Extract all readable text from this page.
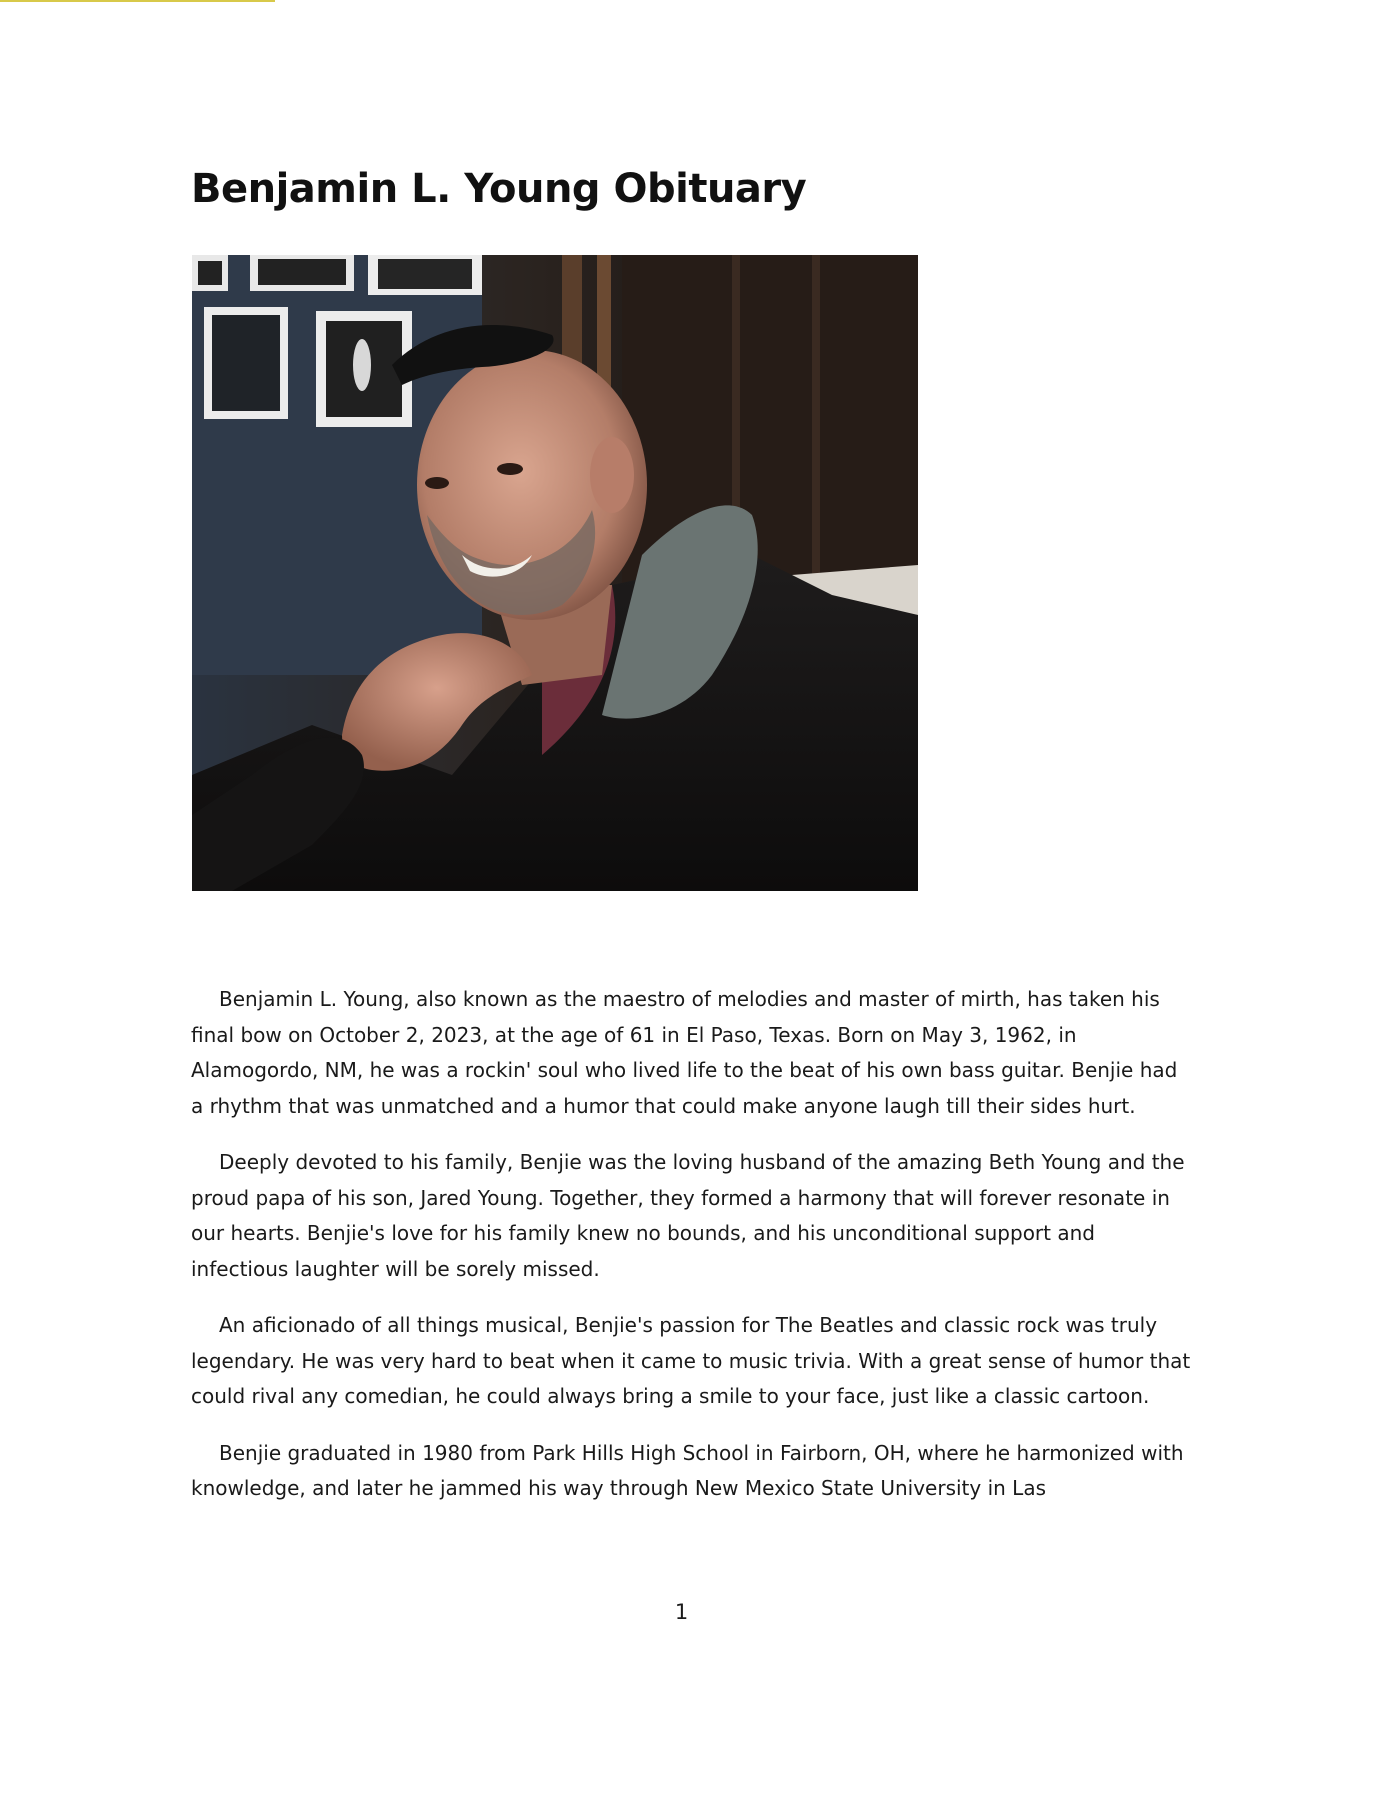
Benjamin L. Young Obituary

Benjamin L. Young, also known as the maestro of melodies and master of mirth, has taken his final bow on October 2, 2023, at the age of 61 in El Paso, Texas. Born on May 3, 1962, in Alamogordo, NM, he was a rockin' soul who lived life to the beat of his own bass guitar. Benjie had a rhythm that was unmatched and a humor that could make anyone laugh till their sides hurt.

Deeply devoted to his family, Benjie was the loving husband of the amazing Beth Young and the proud papa of his son, Jared Young. Together, they formed a harmony that will forever resonate in our hearts. Benjie's love for his family knew no bounds, and his unconditional support and infectious laughter will be sorely missed.

An aficionado of all things musical, Benjie's passion for The Beatles and classic rock was truly legendary. He was very hard to beat when it came to music trivia. With a great sense of humor that could rival any comedian, he could always bring a smile to your face, just like a classic cartoon.

Benjie graduated in 1980 from Park Hills High School in Fairborn, OH, where he harmonized with knowledge, and later he jammed his way through New Mexico State University in Las

1
